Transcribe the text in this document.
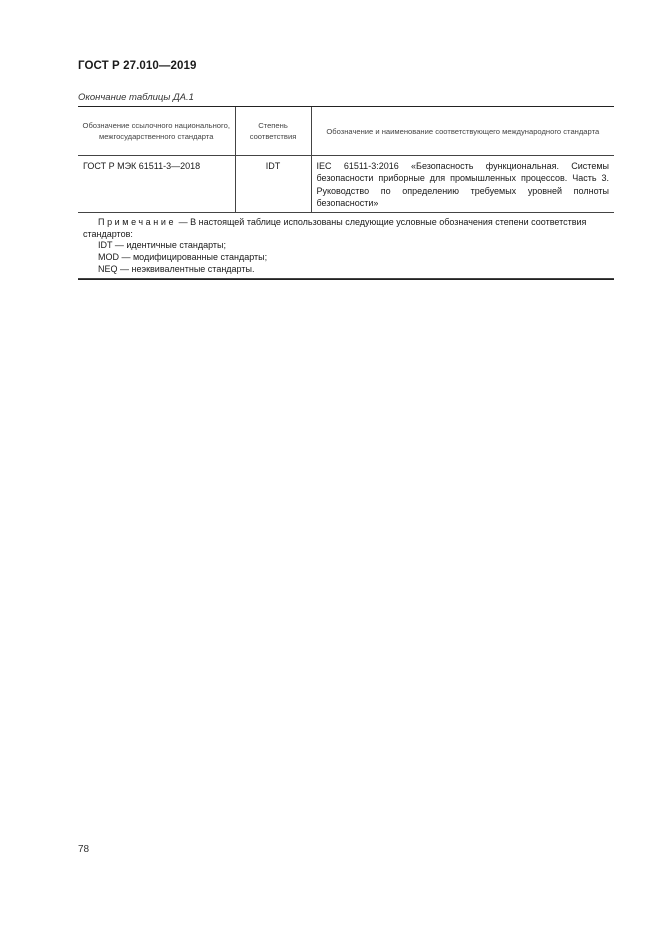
ГОСТ Р 27.010—2019
Окончание таблицы ДА.1
Обозначение ссылочного национального, межгосударственного стандарта	Степень соответствия	Обозначение и наименование соответствующего международного стандарта
ГОСТ Р МЭК 61511-3—2018	IDT	IEC 61511-3:2016 «Безопасность функциональная. Системы безопасности приборные для промышленных процессов. Часть 3. Руководство по определению требуемых уровней полноты безопасности»

Примечание — В настоящей таблице использованы следующие условные обозначения степени соответствия стандартов:
IDT — идентичные стандарты;
MOD — модифицированные стандарты;
NEQ — неэквивалентные стандарты.		
78
